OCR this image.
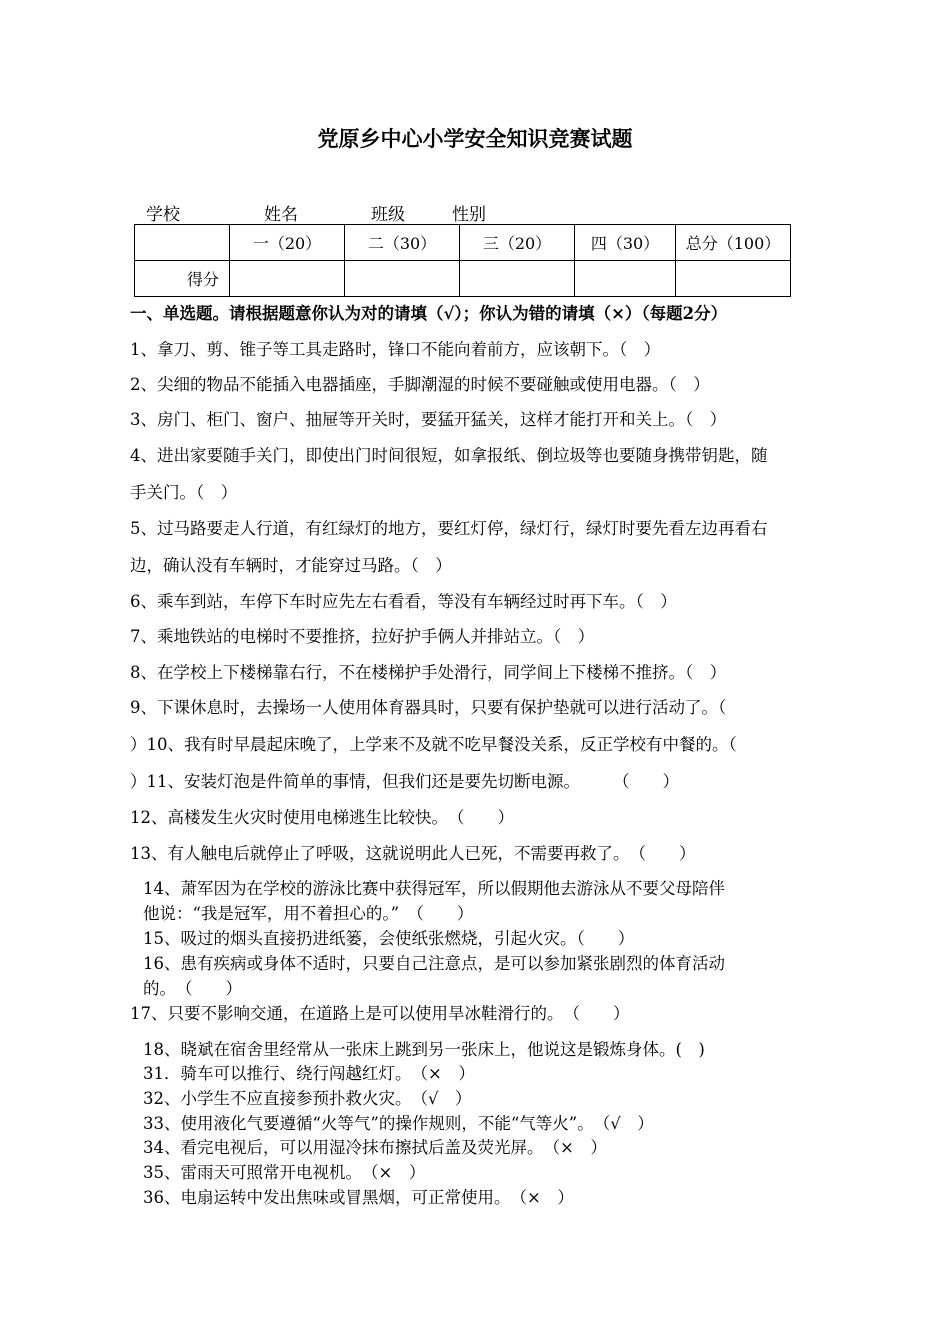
党原乡中心小学安全知识竞赛试题
学校	姓名	班级	性别
	一（20）	二（30）	三（20）	四（30）	总分（100）
得分					
一、单选题。请根据题意你认为对的请填（√）；你认为错的请填（×）（每题2分）
1、拿刀、剪、锥子等工具走路时，锋口不能向着前方，应该朝下。（　）
2、尖细的物品不能插入电器插座，手脚潮湿的时候不要碰触或使用电器。（　）
3、房门、柜门、窗户、抽屉等开关时，要猛开猛关，这样才能打开和关上。（　）
4、进出家要随手关门，即使出门时间很短，如拿报纸、倒垃圾等也要随身携带钥匙，随
手关门。（　）
5、过马路要走人行道，有红绿灯的地方，要红灯停，绿灯行，绿灯时要先看左边再看右
边，确认没有车辆时，才能穿过马路。（　）
6、乘车到站，车停下车时应先左右看看，等没有车辆经过时再下车。（　）
7、乘地铁站的电梯时不要推挤，拉好护手俩人并排站立。（　）
8、在学校上下楼梯靠右行，不在楼梯护手处滑行，同学间上下楼梯不推挤。（　）
9、下课休息时，去操场一人使用体育器具时，只要有保护垫就可以进行活动了。（
）10、我有时早晨起床晚了，上学来不及就不吃早餐没关系，反正学校有中餐的。（
）11、安装灯泡是件简单的事情，但我们还是要先切断电源。　　　（　　）
12、高楼发生火灾时使用电梯逃生比较快。　（　　）
13、有人触电后就停止了呼吸，这就说明此人已死，不需要再救了。　（　　）
14、萧军因为在学校的游泳比赛中获得冠军，所以假期他去游泳从不要父母陪伴
他说：“我是冠军，用不着担心的。”　（　　）
15、吸过的烟头直接扔进纸篓，会使纸张燃烧，引起火灾。（　　）
16、患有疾病或身体不适时，只要自己注意点，是可以参加紧张剧烈的体育活动
的。　（　　）
17、只要不影响交通，在道路上是可以使用旱冰鞋滑行的。　（　　）
18、晓斌在宿舍里经常从一张床上跳到另一张床上，他说这是锻炼身体。(　)
31．骑车可以推行、绕行闯越红灯。　（×　）
32、小学生不应直接参预扑救火灾。　（√　）
33、使用液化气要遵循“火等气”的操作规则，不能“气等火”。　（√　）
34、看完电视后，可以用湿冷抹布擦拭后盖及荧光屏。　（×　）
35、雷雨天可照常开电视机。　（×　）
36、电扇运转中发出焦味或冒黑烟，可正常使用。　（×　）
